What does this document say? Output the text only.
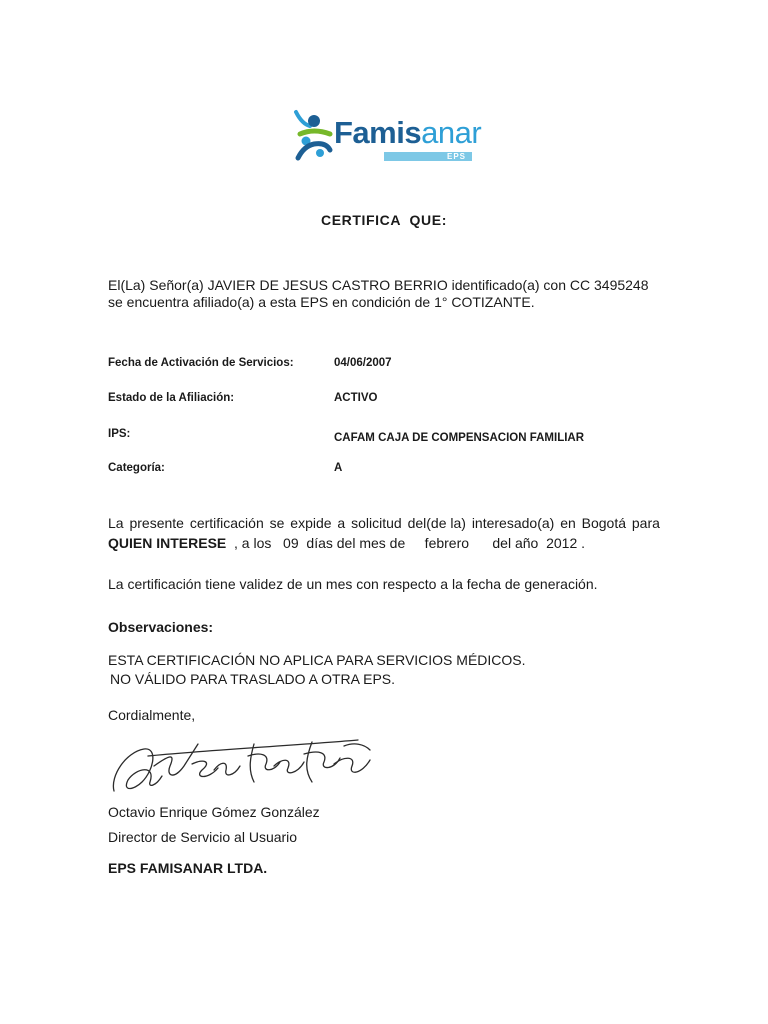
Famisanar
EPS
CERTIFICA  QUE:
El(La) Señor(a) JAVIER DE JESUS CASTRO BERRIO identificado(a) con CC 3495248
se encuentra afiliado(a) a esta EPS en condición de 1° COTIZANTE.
Fecha de Activación de Servicios:	04/06/2007
Estado de la Afiliación:	ACTIVO
IPS:	CAFAM CAJA DE COMPENSACION FAMILIAR
Categoría:	A
La presente certificación se expide a solicitud del(de la) interesado(a) en Bogotá para
QUIEN INTERESE  , a los   09  días del mes de     febrero      del año  2012 .
La certificación tiene validez de un mes con respecto a la fecha de generación.
Observaciones:
ESTA CERTIFICACIÓN NO APLICA PARA SERVICIOS MÉDICOS.
NO VÁLIDO PARA TRASLADO A OTRA EPS.
Cordialmente,
Octavio Enrique Gómez González
Director de Servicio al Usuario
EPS FAMISANAR LTDA.
